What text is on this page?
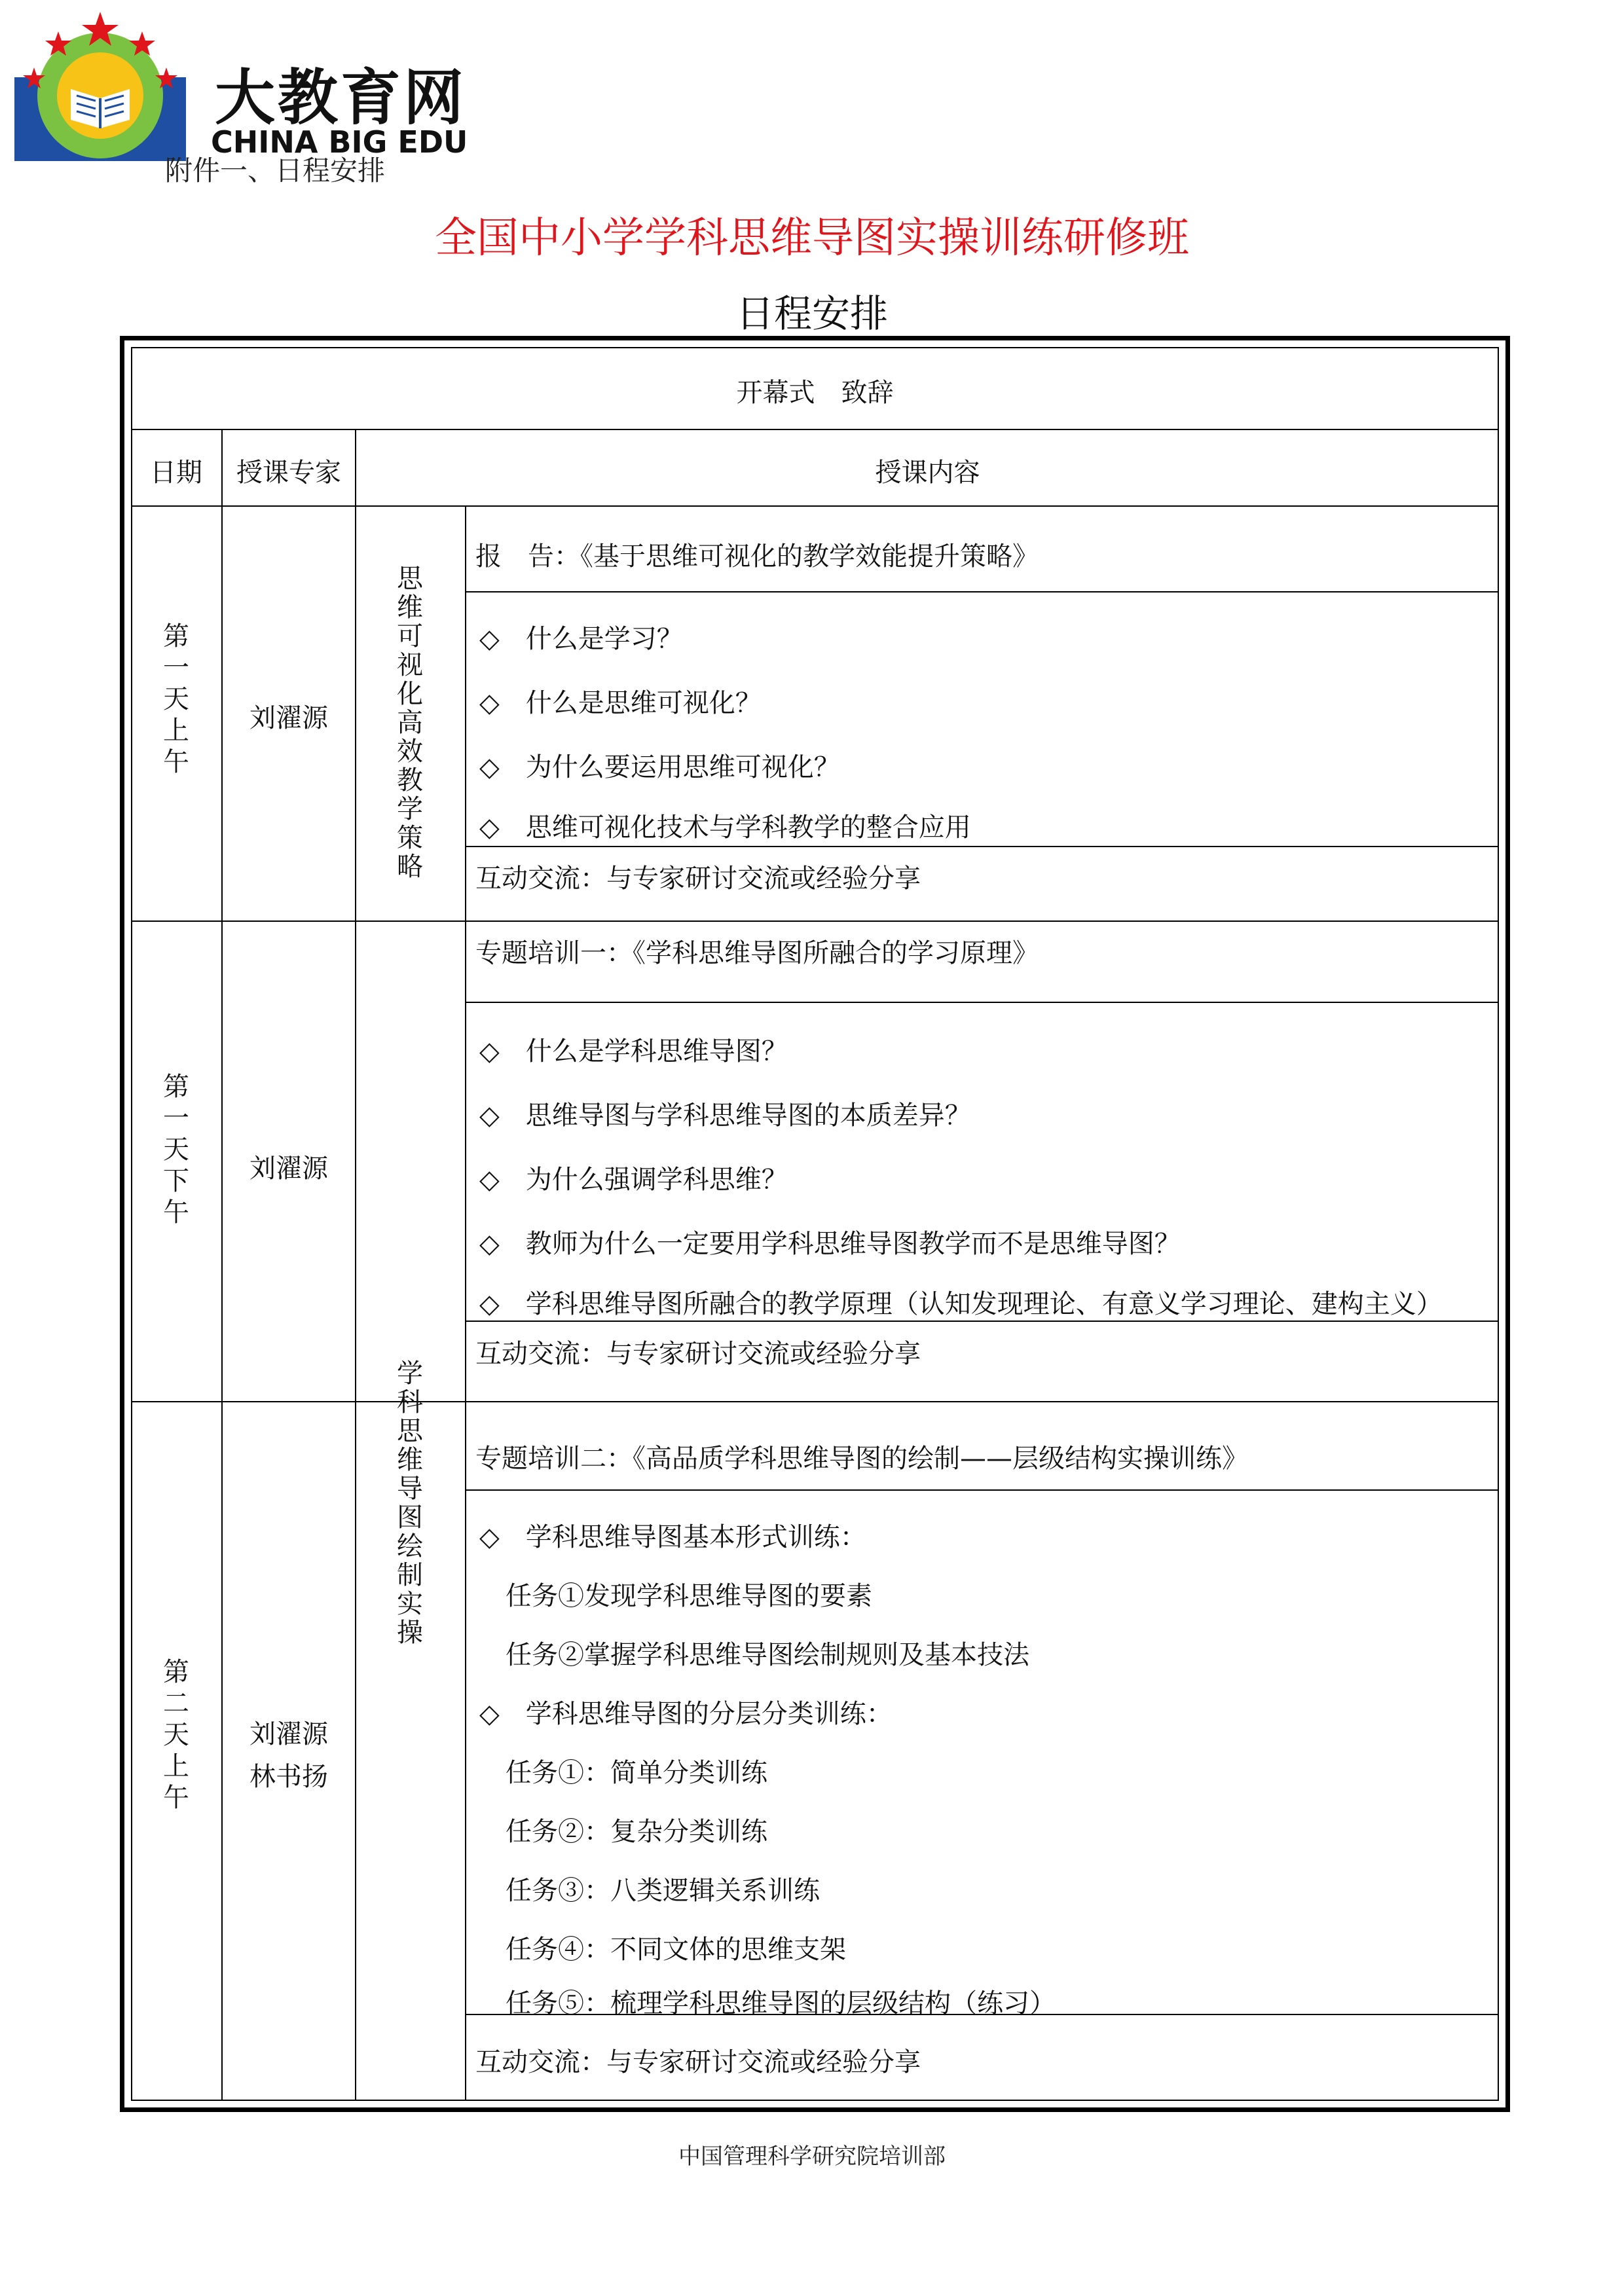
大教育网
CHINA BIG EDU
附件一、日程安排
全国中小学学科思维导图实操训练研修班
日程安排
开幕式　致辞
日期	授课专家	授课内容
第一天上午
刘濯源
思维可视化高效教学策略
报　告：《基于思维可视化的教学效能提升策略》
◇　什么是学习？
◇　什么是思维可视化？
◇　为什么要运用思维可视化？
◇　思维可视化技术与学科教学的整合应用
互动交流：与专家研讨交流或经验分享
第一天下午
刘濯源
学科思维导图绘制实操
专题培训一：《学科思维导图所融合的学习原理》
◇　什么是学科思维导图？
◇　思维导图与学科思维导图的本质差异？
◇　为什么强调学科思维？
◇　教师为什么一定要用学科思维导图教学而不是思维导图？
◇　学科思维导图所融合的教学原理（认知发现理论、有意义学习理论、建构主义）
互动交流：与专家研讨交流或经验分享
第二天上午
刘濯源
林书扬
专题培训二：《高品质学科思维导图的绘制——层级结构实操训练》
◇　学科思维导图基本形式训练：
任务①发现学科思维导图的要素
任务②掌握学科思维导图绘制规则及基本技法
◇　学科思维导图的分层分类训练：
任务①：简单分类训练
任务②：复杂分类训练
任务③：八类逻辑关系训练
任务④：不同文体的思维支架
任务⑤：梳理学科思维导图的层级结构（练习）
互动交流：与专家研讨交流或经验分享
中国管理科学研究院培训部
